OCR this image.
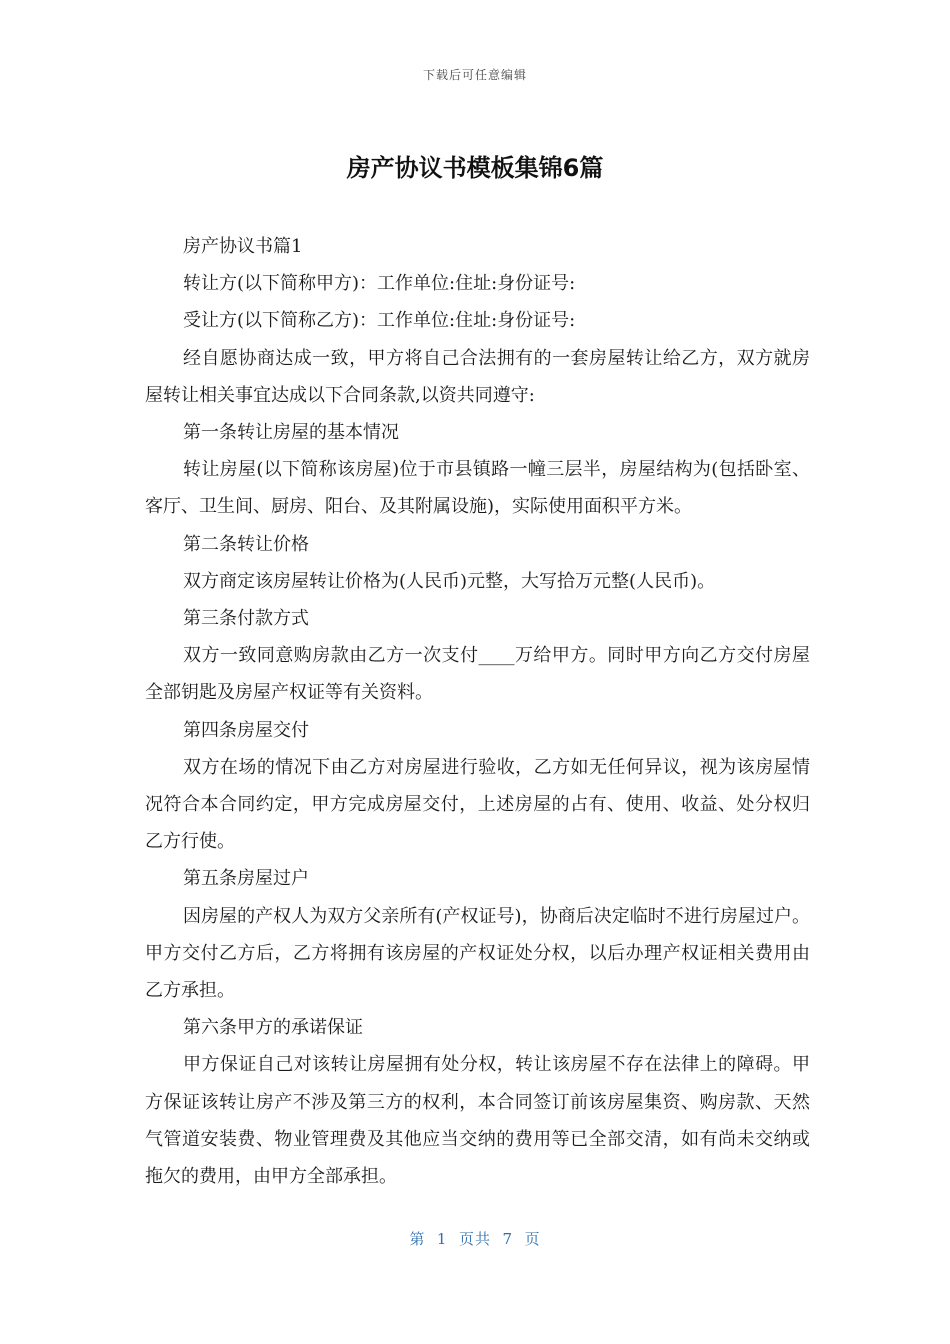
下载后可任意编辑
房产协议书模板集锦6篇

房产协议书篇1

转让方(以下简称甲方)：工作单位:住址:身份证号:

受让方(以下简称乙方)：工作单位:住址:身份证号:

经自愿协商达成一致，甲方将自己合法拥有的一套房屋转让给乙方，双方就房屋转让相关事宜达成以下合同条款,以资共同遵守:

第一条转让房屋的基本情况

转让房屋(以下简称该房屋)位于市县镇路一幢三层半，房屋结构为(包括卧室、客厅、卫生间、厨房、阳台、及其附属设施)，实际使用面积平方米。

第二条转让价格

双方商定该房屋转让价格为(人民币)元整，大写拾万元整(人民币)。

第三条付款方式

双方一致同意购房款由乙方一次支付____万给甲方。同时甲方向乙方交付房屋全部钥匙及房屋产权证等有关资料。

第四条房屋交付

双方在场的情况下由乙方对房屋进行验收，乙方如无任何异议，视为该房屋情况符合本合同约定，甲方完成房屋交付，上述房屋的占有、使用、收益、处分权归乙方行使。

第五条房屋过户

因房屋的产权人为双方父亲所有(产权证号)，协商后决定临时不进行房屋过户。甲方交付乙方后，乙方将拥有该房屋的产权证处分权，以后办理产权证相关费用由乙方承担。

第六条甲方的承诺保证

甲方保证自己对该转让房屋拥有处分权，转让该房屋不存在法律上的障碍。甲方保证该转让房产不涉及第三方的权利，本合同签订前该房屋集资、购房款、天然气管道安装费、物业管理费及其他应当交纳的费用等已全部交清，如有尚未交纳或拖欠的费用，由甲方全部承担。

第  1  页共  7  页
